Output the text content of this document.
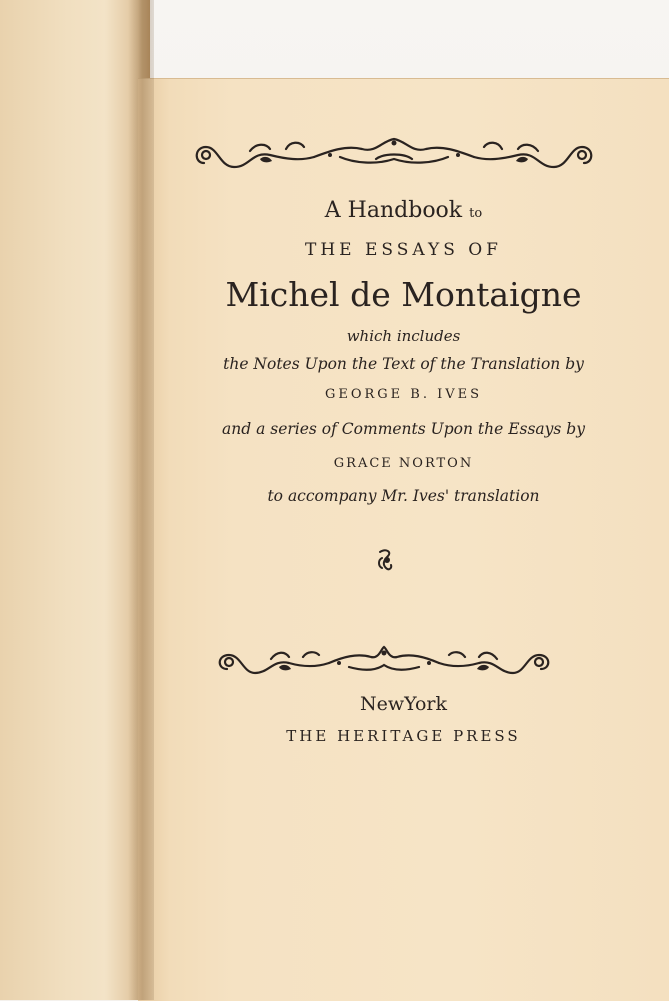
A Handbook to
THE ESSAYS OF
Michel de Montaigne
which includes
the Notes Upon the Text of the Translation by
GEORGE B. IVES
and a series of Comments Upon the Essays by
GRACE NORTON
to accompany Mr. Ives' translation
NewYork
THE HERITAGE PRESS
